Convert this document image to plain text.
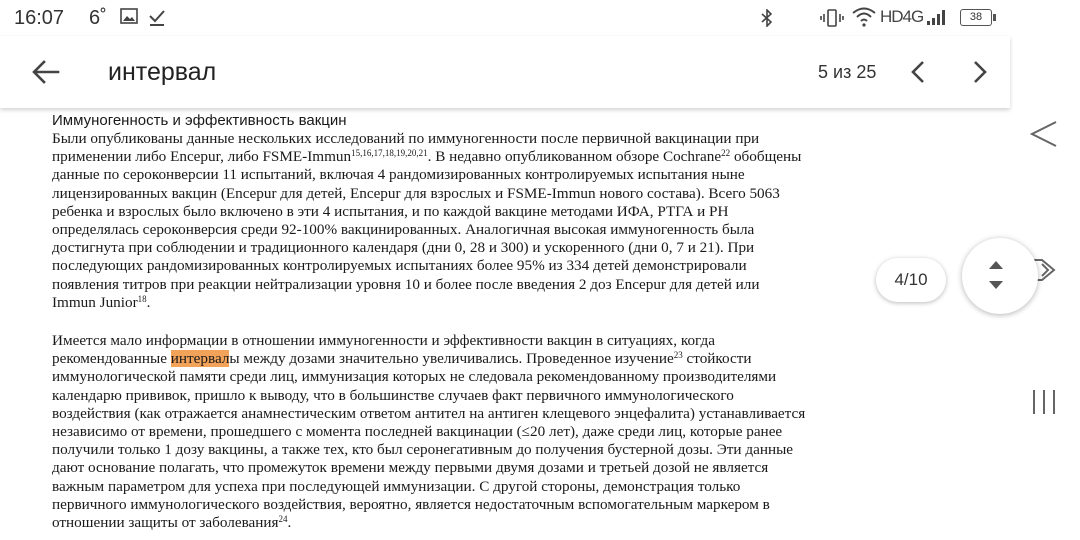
16:07 6˚	HD4G	38
интервал	5 из 25

Иммуногенность и эффективность вакцин

Были опубликованы данные нескольких исследований по иммуногенности после первичной вакцинации при
применении либо Encepur, либо FSME-Immun$^{15,16,17,18,19,20,21}$. В недавно опубликованном обзоре Cochrane$^{22}$ обобщены
данные по сероконверсии 11 испытаний, включая 4 рандомизированных контролируемых испытания ныне
лицензированных вакцин (Encepur для детей, Encepur для взрослых и FSME-Immun нового состава). Всего 5063
ребенка и взрослых было включено в эти 4 испытания, и по каждой вакцине методами ИФА, РТГА и РН
определялась сероконверсия среди 92-100% вакцинированных. Аналогичная высокая иммуногенность была
достигнута при соблюдении и традиционного календаря (дни 0, 28 и 300) и ускоренного (дни 0, 7 и 21). При
последующих рандомизированных контролируемых испытаниях более 95% из 334 детей демонстрировали
появления титров при реакции нейтрализации уровня 10 и более после введения 2 доз Encepur для детей или
Immun Junior$^{18}$.

Имеется мало информации в отношении иммуногенности и эффективности вакцин в ситуациях, когда
рекомендованные интервалы между дозами значительно увеличивались. Проведенное изучение$^{23}$ стойкости
иммунологической памяти среди лиц, иммунизация которых не следовала рекомендованному производителями
календарю прививок, пришло к выводу, что в большинстве случаев факт первичного иммунологического
воздействия (как отражается анамнестическим ответом антител на антиген клещевого энцефалита) устанавливается
независимо от времени, прошедшего с момента последней вакцинации (≤20 лет), даже среди лиц, которые ранее
получили только 1 дозу вакцины, а также тех, кто был серонегативным до получения бустерной дозы. Эти данные
дают основание полагать, что промежуток времени между первыми двумя дозами и третьей дозой не является
важным параметром для успеха при последующей иммунизации. С другой стороны, демонстрация только
первичного иммунологического воздействия, вероятно, является недостаточным вспомогательным маркером в
отношении защиты от заболевания$^{24}$.

4/10
